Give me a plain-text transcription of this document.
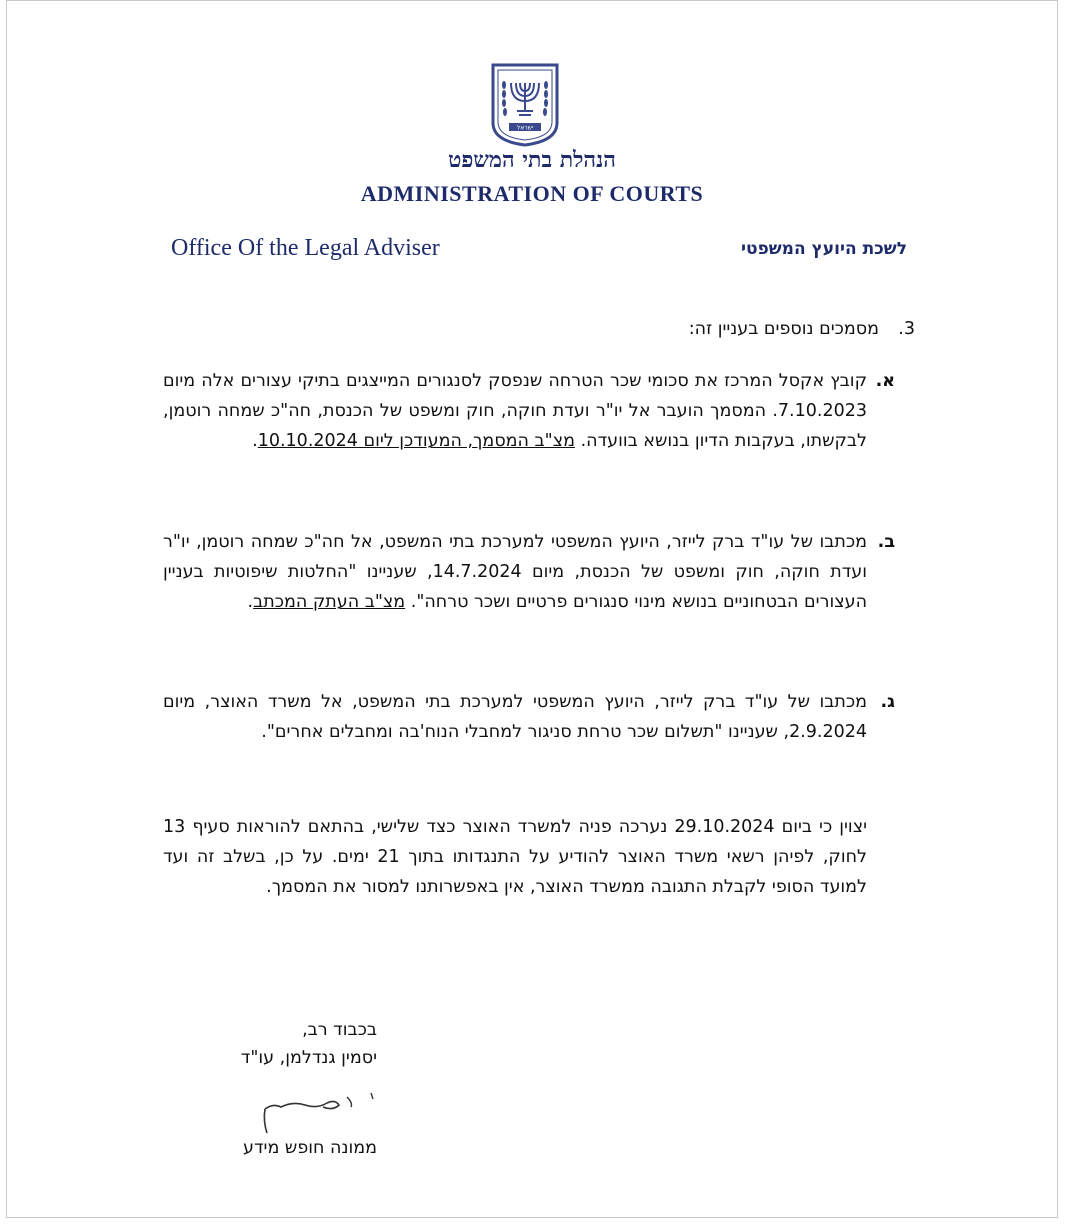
ישראל
הנהלת בתי המשפט
ADMINISTRATION OF COURTS
Office Of the Legal Adviser	לשכת היועץ המשפטי
3.מסמכים נוספים בעניין זה:
א.
קובץ אקסל המרכז את סכומי שכר הטרחה שנפסק לסנגורים המייצגים בתיקי עצורים אלה מיום 7.10.2023. המסמך הועבר אל יו"ר ועדת חוקה, חוק ומשפט של הכנסת, חה"כ שמחה רוטמן, לבקשתו, בעקבות הדיון בנושא בוועדה. מצ"ב המסמך, המעודכן ליום 10.10.2024.
ב.
מכתבו של עו"ד ברק לייזר, היועץ המשפטי למערכת בתי המשפט, אל חה"כ שמחה רוטמן, יו"ר ועדת חוקה, חוק ומשפט של הכנסת, מיום 14.7.2024, שעניינו "החלטות שיפוטיות בעניין העצורים הבטחוניים בנושא מינוי סנגורים פרטיים ושכר טרחה". מצ"ב העתק המכתב.
ג.
מכתבו של עו"ד ברק לייזר, היועץ המשפטי למערכת בתי המשפט, אל משרד האוצר, מיום 2.9.2024, שעניינו "תשלום שכר טרחת סניגור למחבלי הנוח'בה ומחבלים אחרים".
יצוין כי ביום 29.10.2024 נערכה פניה למשרד האוצר כצד שלישי, בהתאם להוראות סעיף 13 לחוק, לפיהן רשאי משרד האוצר להודיע על התנגדותו בתוך 21 ימים. על כן, בשלב זה ועד למועד הסופי לקבלת התגובה ממשרד האוצר, אין באפשרותנו למסור את המסמך.
בכבוד רב,
יסמין גנדלמן, עו"ד
ממונה חופש מידע
